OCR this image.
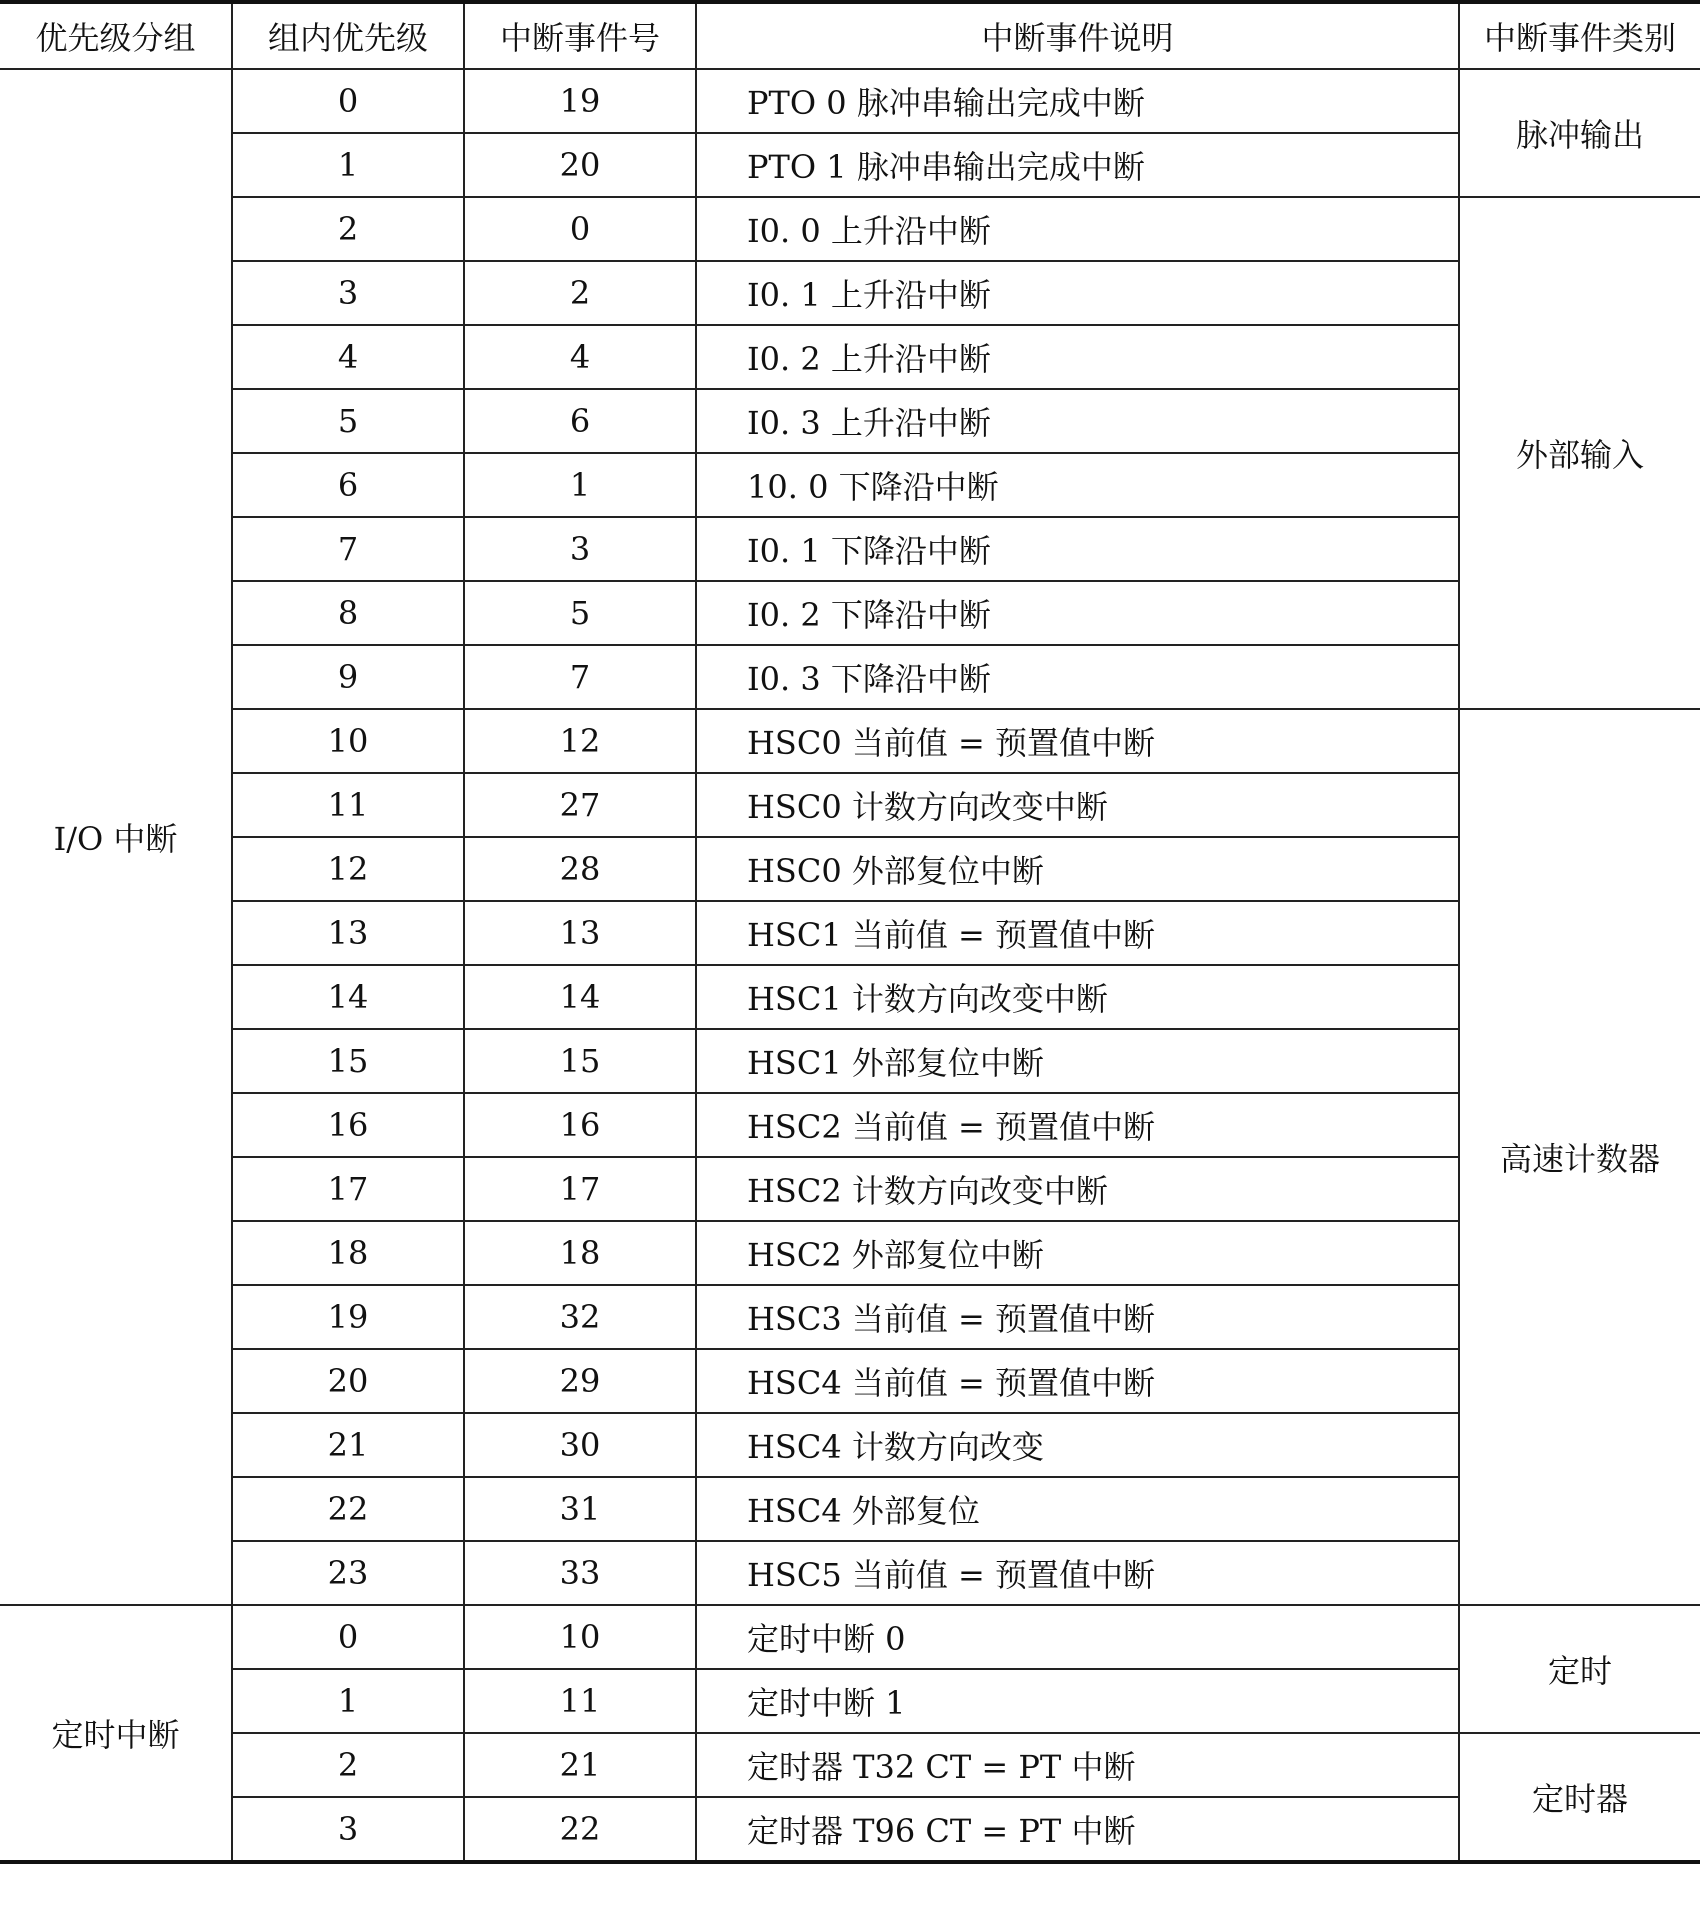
优先级分组	组内优先级	中断事件号	中断事件说明	中断事件类别
I/O 中断	0	19	PTO 0 脉冲串输出完成中断	脉冲输出
	1	20	PTO 1 脉冲串输出完成中断	
	2	0	I0. 0 上升沿中断	外部输入
	3	2	I0. 1 上升沿中断	
	4	4	I0. 2 上升沿中断	
	5	6	I0. 3 上升沿中断	
	6	1	10. 0 下降沿中断	
	7	3	I0. 1 下降沿中断	
	8	5	I0. 2 下降沿中断	
	9	7	I0. 3 下降沿中断	
	10	12	HSC0 当前值 = 预置值中断	高速计数器
	11	27	HSC0 计数方向改变中断	
	12	28	HSC0 外部复位中断	
	13	13	HSC1 当前值 = 预置值中断	
	14	14	HSC1 计数方向改变中断	
	15	15	HSC1 外部复位中断	
	16	16	HSC2 当前值 = 预置值中断	
	17	17	HSC2 计数方向改变中断	
	18	18	HSC2 外部复位中断	
	19	32	HSC3 当前值 = 预置值中断	
	20	29	HSC4 当前值 = 预置值中断	
	21	30	HSC4 计数方向改变	
	22	31	HSC4 外部复位	
	23	33	HSC5 当前值 = 预置值中断	
定时中断	0	10	定时中断 0	定时
	1	11	定时中断 1	
	2	21	定时器 T32 CT = PT 中断	定时器
	3	22	定时器 T96 CT = PT 中断	
